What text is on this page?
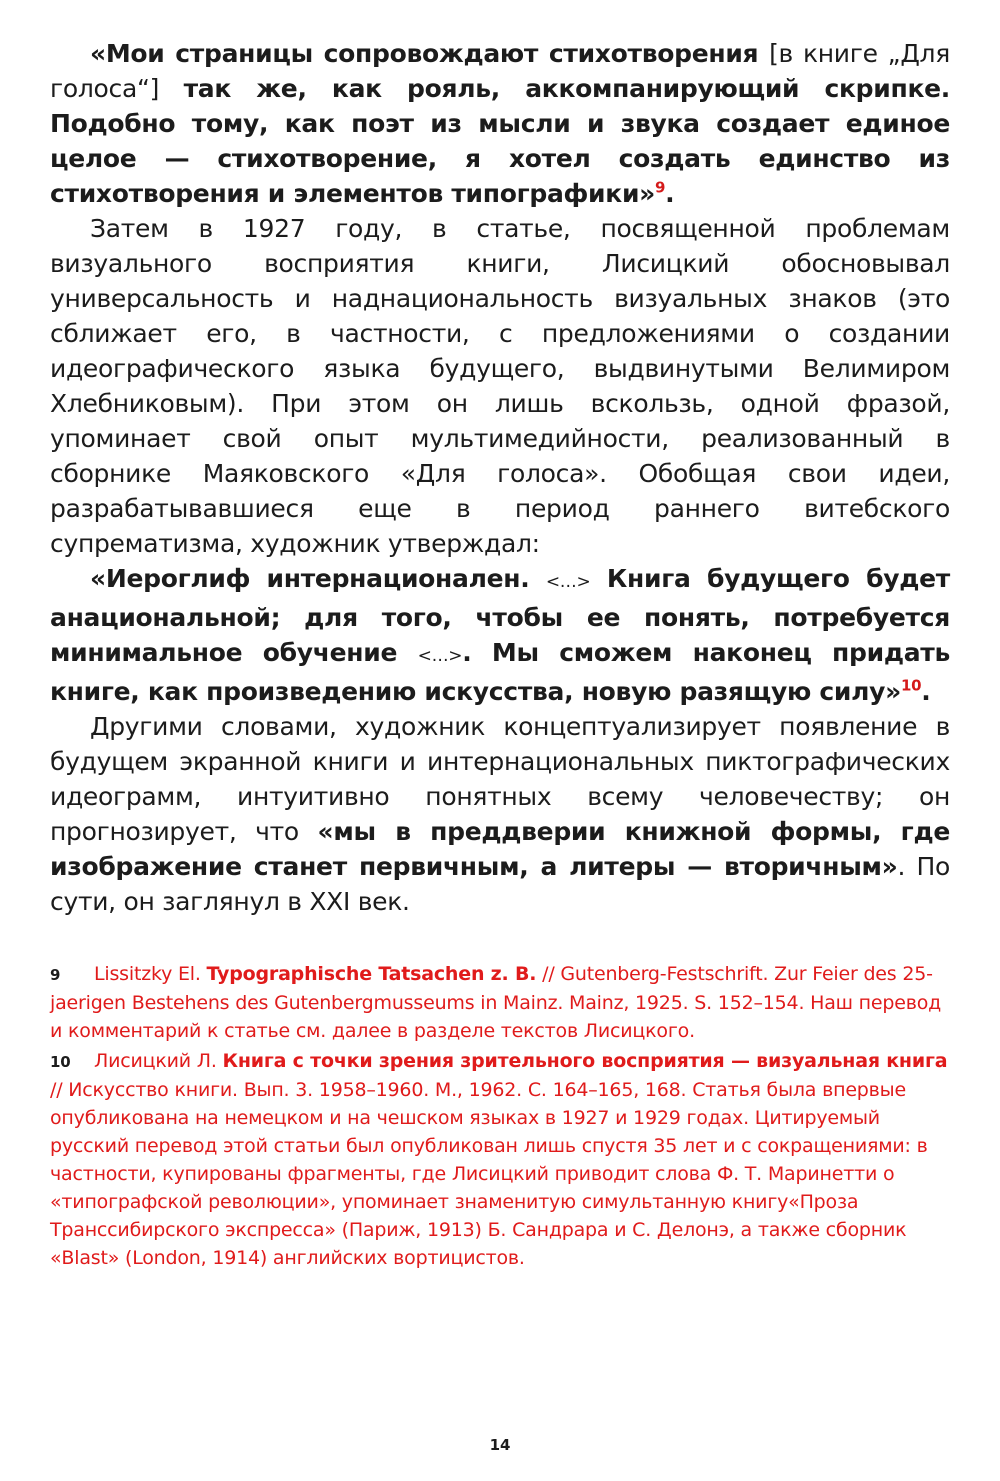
«Мои страницы сопровождают стихотворения [в книге „Для голоса“] так же, как рояль, аккомпанирующий скрипке. Подобно тому, как поэт из мысли и звука создает единое целое — стихотворение, я хотел создать единство из стихотворения и элементов типографики»$^9$.

Затем в 1927 году, в статье, посвященной проблемам визуального восприятия книги, Лисицкий обосновывал универсальность и наднациональность визуальных знаков (это сближает его, в частности, с предложениями о создании идеографического языка будущего, выдвинутыми Велимиром Хлебниковым). При этом он лишь вскользь, одной фразой, упоминает свой опыт мультимедийности, реализованный в сборнике Маяковского «Для голоса». Обобщая свои идеи, разрабатывавшиеся еще в период раннего витебского супрематизма, художник утверждал:

«Иероглиф интернационален. <…> Книга будущего будет анациональной; для того, чтобы ее понять, потребуется минимальное обучение <…>. Мы сможем наконец придать книге, как произведению искусства, новую разящую силу»$^{10}$.

Другими словами, художник концептуализирует появление в будущем экранной книги и интернациональных пиктографических идеограмм, интуитивно понятных всему человечеству; он прогнозирует, что «мы в преддверии книжной формы, где изображение станет первичным, а литеры — вторичным». По сути, он заглянул в XXI век.

9 Lissitzky El. Typographische Tatsachen z. B. // Gutenberg-Festschrift. Zur Feier des 25-jaerigen Bestehens des Gutenbergmusseums in Mainz. Mainz, 1925. S. 152–154. Наш перевод и комментарий к статье см. далее в разделе текстов Лисицкого.

10 Лисицкий Л. Книга с точки зрения зрительного восприятия — визуальная книга // Искусство книги. Вып. 3. 1958–1960. М., 1962. С. 164–165, 168. Статья была впервые опубликована на немецком и на чешском языках в 1927 и 1929 годах. Цитируемый русский перевод этой статьи был опубликован лишь спустя 35 лет и с сокращениями: в частности, купированы фрагменты, где Лисицкий приводит слова Ф. Т. Маринетти о «типографской революции», упоминает знаменитую симультанную книгу«Проза Транссибирского экспресса» (Париж, 1913) Б. Сандрара и С. Делонэ, а также сборник «Blast» (London, 1914) английских вортицистов.

14
